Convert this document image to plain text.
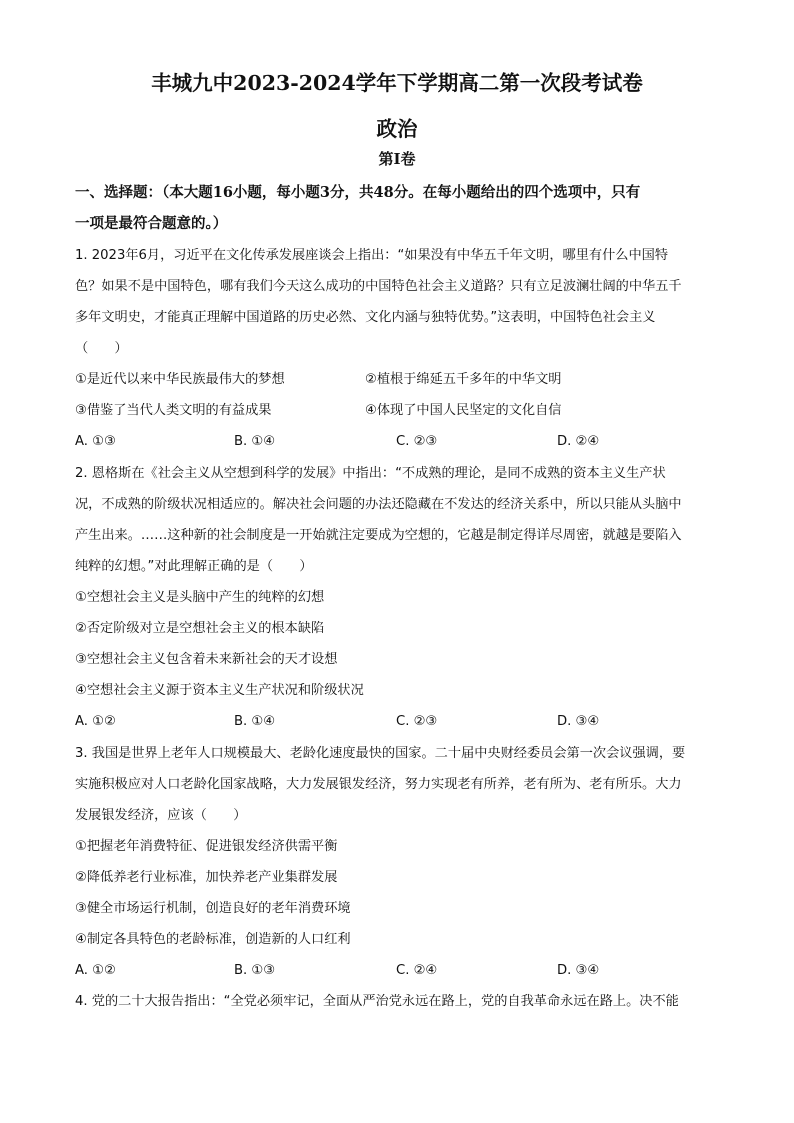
丰城九中2023-2024学年下学期高二第一次段考试卷
政治
第Ⅰ卷
一、选择题：（本大题16小题，每小题3分，共48分。在每小题给出的四个选项中，只有
一项是最符合题意的。）
1. 2023年6月，习近平在文化传承发展座谈会上指出：“如果没有中华五千年文明，哪里有什么中国特
色？如果不是中国特色，哪有我们今天这么成功的中国特色社会主义道路？只有立足波澜壮阔的中华五千
多年文明史，才能真正理解中国道路的历史必然、文化内涵与独特优势。”这表明，中国特色社会主义
（　　）
①是近代以来中华民族最伟大的梦想	②植根于绵延五千多年的中华文明
③借鉴了当代人类文明的有益成果	④体现了中国人民坚定的文化自信
A. ①③	B. ①④	C. ②③	D. ②④
2. 恩格斯在《社会主义从空想到科学的发展》中指出：“不成熟的理论，是同不成熟的资本主义生产状
况，不成熟的阶级状况相适应的。解决社会问题的办法还隐藏在不发达的经济关系中，所以只能从头脑中
产生出来。……这种新的社会制度是一开始就注定要成为空想的，它越是制定得详尽周密，就越是要陷入
纯粹的幻想。”对此理解正确的是（　　）
①空想社会主义是头脑中产生的纯粹的幻想
②否定阶级对立是空想社会主义的根本缺陷
③空想社会主义包含着未来新社会的天才设想
④空想社会主义源于资本主义生产状况和阶级状况
A. ①②	B. ①④	C. ②③	D. ③④
3. 我国是世界上老年人口规模最大、老龄化速度最快的国家。二十届中央财经委员会第一次会议强调，要
实施积极应对人口老龄化国家战略，大力发展银发经济，努力实现老有所养，老有所为、老有所乐。大力
发展银发经济，应该（　　）
①把握老年消费特征、促进银发经济供需平衡
②降低养老行业标准，加快养老产业集群发展
③健全市场运行机制，创造良好的老年消费环境
④制定各具特色的老龄标准，创造新的人口红利
A. ①②	B. ①③	C. ②④	D. ③④
4. 党的二十大报告指出：“全党必须牢记，全面从严治党永远在路上，党的自我革命永远在路上。决不能
